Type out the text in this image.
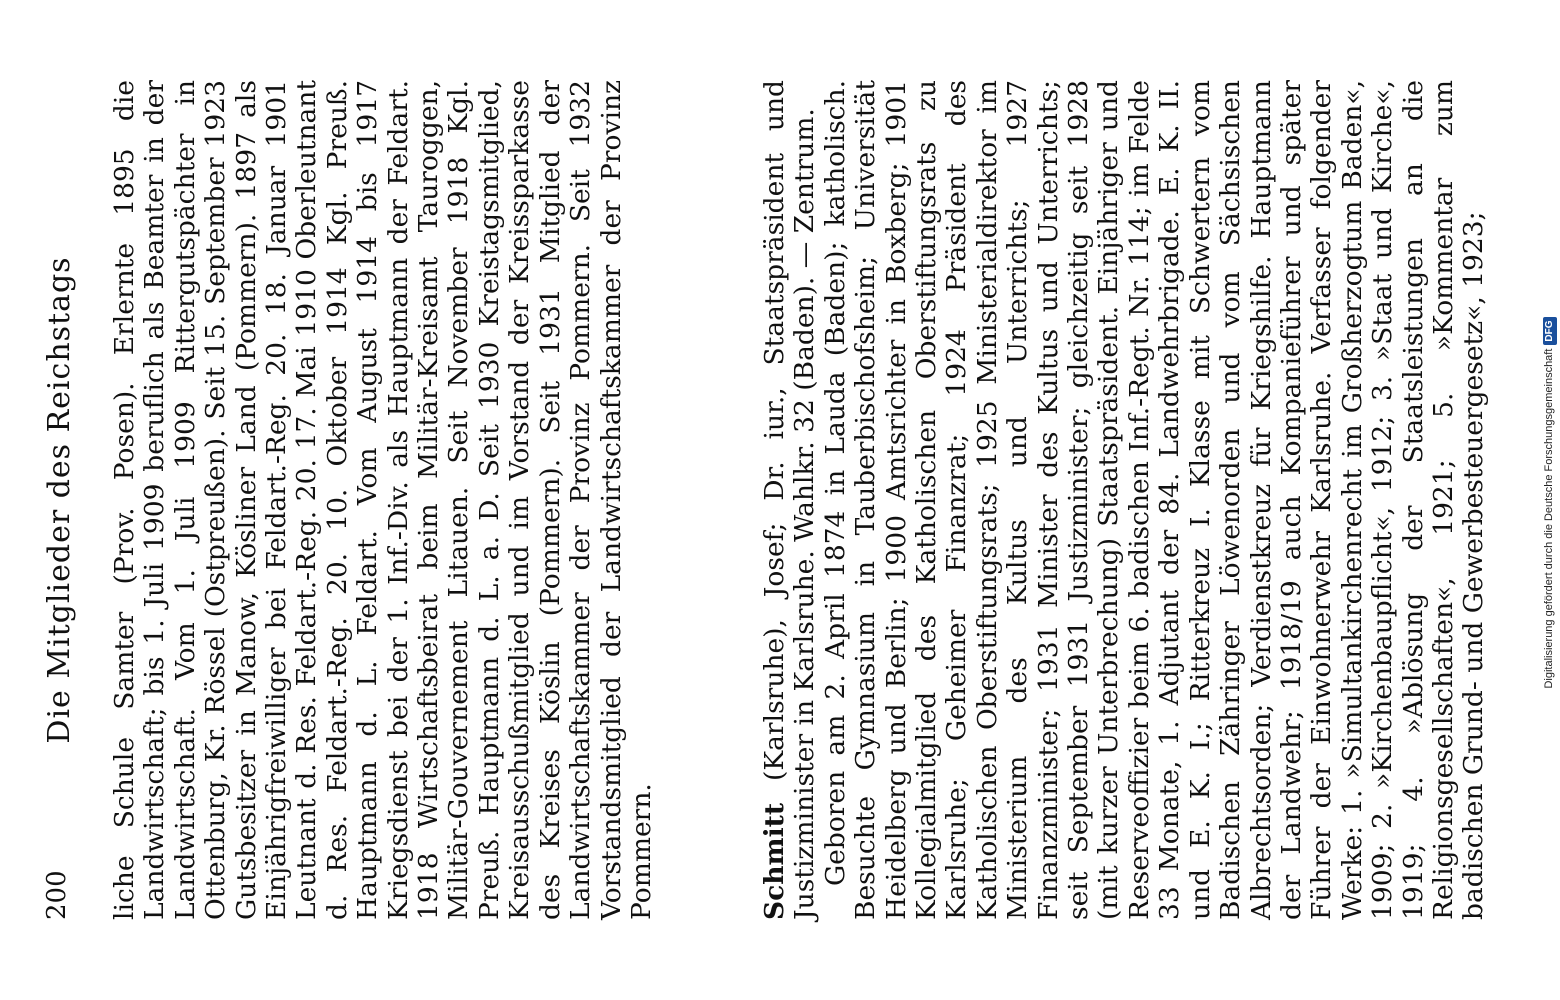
200
Die Mitglieder des Reichstags liche Schule Samter (Prov. Posen). Erlernte 1895 die Landwirtschaft; bis 1. Juli 1909 beruflich als Beamter in der Landwirtschaft. Vom 1. Juli 1909 Rittergutspächter in Ottenburg, Kr. Rössel (Ostpreußen). Seit 15. September 1923 Gutsbesitzer in Manow, Kösliner Land (Pommern). 1897 als Einjährigfreiwilliger bei Feldart.-Reg. 20. 18. Januar 1901 Leutnant d. Res. Feldart.-Reg. 20. 17. Mai 1910 Oberleutnant d. Res. Feldart.-Reg. 20. 10. Oktober 1914 Kgl. Preuß. Hauptmann d. L. Feldart. Vom August 1914 bis 1917 Kriegsdienst bei der 1. Inf.-Div. als Hauptmann der Feldart. 1918 Wirtschaftsbeirat beim Militär-Kreisamt Tauroggen, Militär-Gouvernement Litauen. Seit November 1918 Kgl. Preuß. Hauptmann d. L. a. D. Seit 1930 Kreistagsmitglied, Kreisausschußmitglied und im Vorstand der Kreissparkasse des Kreises Köslin (Pommern). Seit 1931 Mitglied der Landwirtschaftskammer der Provinz Pommern. Seit 1932 Vorstandsmitglied der Landwirtschaftskammer der Provinz Pommern.	Schmitt (Karlsruhe), Josef; Dr. iur., Staatspräsident und Justizminister in Karlsruhe. Wahlkr. 32 (Baden). — Zentrum. Geboren am 2. April 1874 in Lauda (Baden); katholisch. Besuchte Gymnasium in Tauberbischofsheim; Universität Heidelberg und Berlin; 1900 Amtsrichter in Boxberg; 1901 Kollegialmitglied des Katholischen Oberstiftungsrats zu Karlsruhe; Geheimer Finanzrat; 1924 Präsident des Katholischen Oberstiftungsrats; 1925 Ministerialdirektor im Ministerium des Kultus und Unterrichts; 1927 Finanzminister; 1931 Minister des Kultus und Unterrichts; seit September 1931 Justizminister; gleichzeitig seit 1928 (mit kurzer Unterbrechung) Staatspräsident. Einjähriger und Reserveoffizier beim 6. badischen Inf.-Regt. Nr. 114; im Felde 33 Monate, 1. Adjutant der 84. Landwehrbrigade. E. K. II. und E. K. I.; Ritterkreuz I. Klasse mit Schwertern vom Badischen Zähringer Löwenorden und vom Sächsischen Albrechtsorden; Verdienstkreuz für Kriegshilfe. Hauptmann der Landwehr; 1918/19 auch Kompanieführer und später Führer der Einwohnerwehr Karlsruhe. Verfasser folgender Werke: 1. »Simultankirchenrecht im Großherzogtum Baden«, 1909; 2. »Kirchenbaupflicht«, 1912; 3. »Staat und Kirche«, 1919; 4. »Ablösung der Staatsleistungen an die Religionsgesellschaften«, 1921; 5. »Kommentar zum badischen Grund- und Gewerbesteuergesetz«, 1923;	Digitalisierung gefördert durch die Deutsche ForschungsgemeinschaftDFG
